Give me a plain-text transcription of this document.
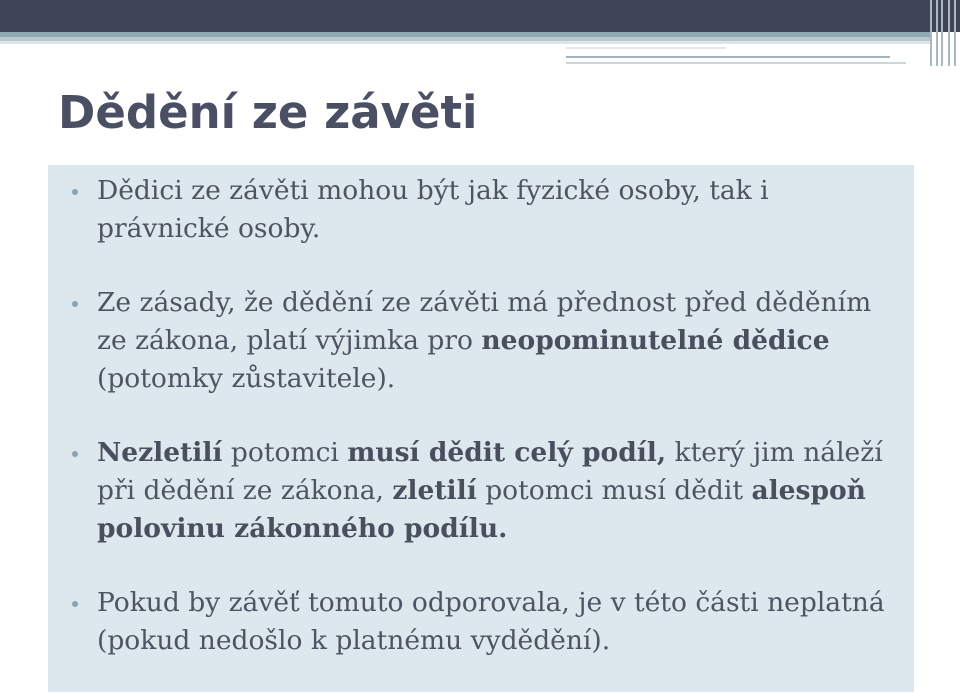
Dědění ze závěti
Dědici ze závěti mohou být jak fyzické osoby, tak i právnické osoby.
Ze zásady, že dědění ze závěti má přednost před děděním ze zákona, platí výjimka pro neopominutelné dědice (potomky zůstavitele).
Nezletilí potomci musí dědit celý podíl, který jim náleží při dědění ze zákona, zletilí potomci musí dědit alespoň polovinu zákonného podílu.
Pokud by závěť tomuto odporovala, je v této části neplatná (pokud nedošlo k platnému vydědění).
